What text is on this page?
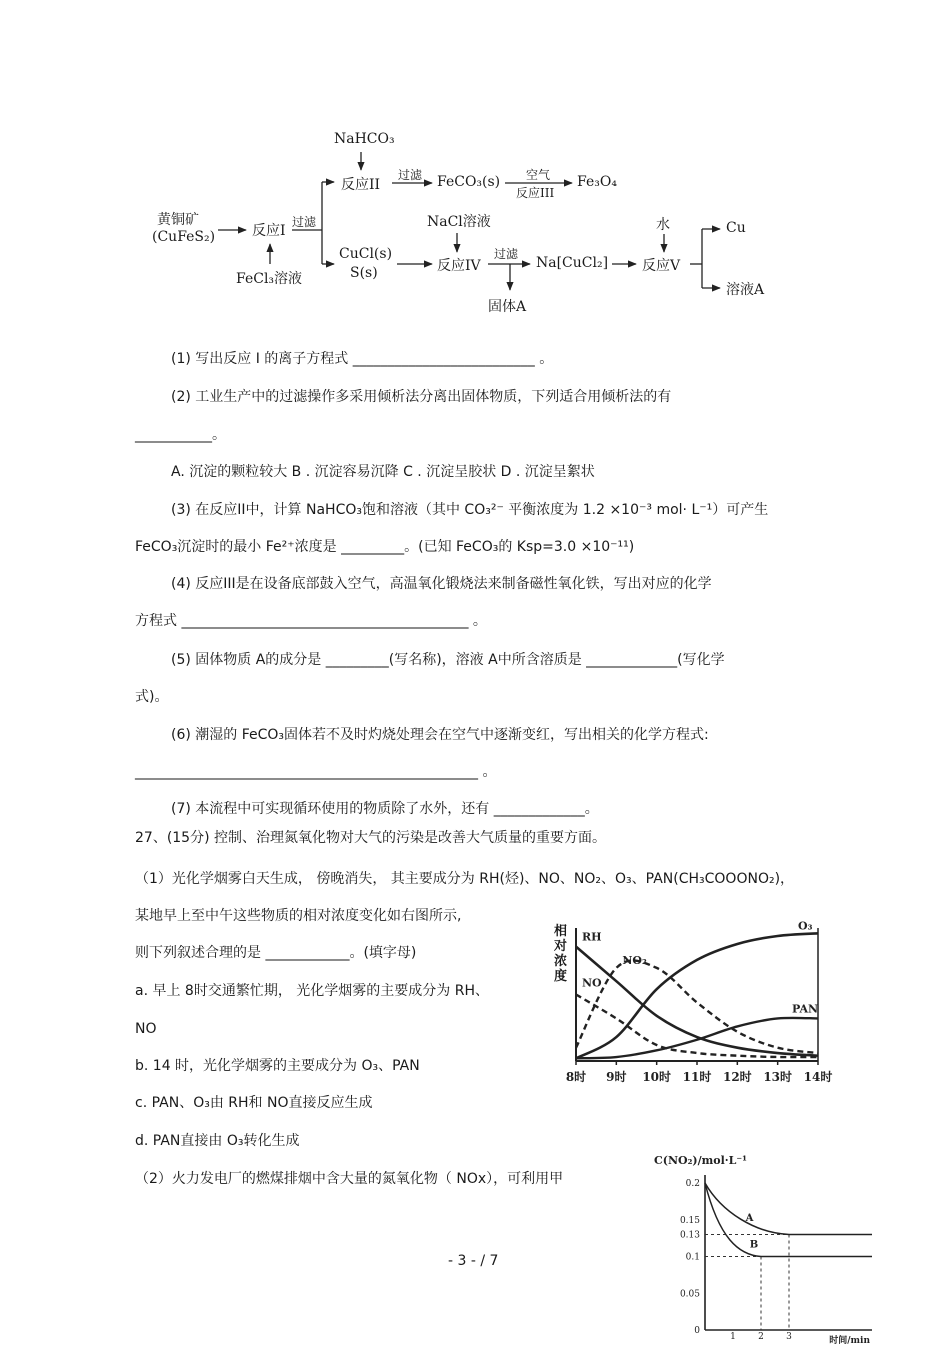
黄铜矿
(CuFeS₂)
FeCl₃溶液
反应I
过滤
NaHCO₃
反应II
过滤 FeCO₃(s) 空气
反应III
Fe₃O₄
CuCl(s)
S(s)
NaCl溶液
反应IV
过滤
Na[CuCl₂]
固体A
水
反应V
Cu
溶液A
(1) 写出反应 I 的离子方程式 __________________________ 。
(2) 工业生产中的过滤操作多采用倾析法分离出固体物质，下列适合用倾析法的有
___________。
A. 沉淀的颗粒较大 B . 沉淀容易沉降 C . 沉淀呈胶状 D . 沉淀呈絮状
(3) 在反应II中，计算 NaHCO₃饱和溶液（其中 CO₃²⁻ 平衡浓度为 1.2 ×10⁻³ mol· L⁻¹）可产生
FeCO₃沉淀时的最小 Fe²⁺浓度是 _________。(已知 FeCO₃的 Ksp=3.0 ×10⁻¹¹)
(4) 反应III是在设备底部鼓入空气，高温氧化锻烧法来制备磁性氧化铁，写出对应的化学
方程式 _________________________________________ 。
(5) 固体物质 A的成分是 _________(写名称)，溶液 A中所含溶质是 _____________(写化学
式)。
(6) 潮湿的 FeCO₃固体若不及时灼烧处理会在空气中逐渐变红，写出相关的化学方程式:
_________________________________________________ 。
(7) 本流程中可实现循环使用的物质除了水外，还有 _____________。
27、(15分) 控制、治理氮氧化物对大气的污染是改善大气质量的重要方面。
（1）光化学烟雾白天生成， 傍晚消失， 其主要成分为 RH(烃)、NO、NO₂、O₃、PAN(CH₃COOONO₂)，
某地早上至中午这些物质的相对浓度变化如右图所示,
则下列叙述合理的是 ____________。(填字母)
a. 早上 8时交通繁忙期， 光化学烟雾的主要成分为 RH、
NO
b. 14 时，光化学烟雾的主要成分为 O₃、PAN
c. PAN、O₃由 RH和 NO直接反应生成
d. PAN直接由 O₃转化生成
（2）火力发电厂的燃煤排烟中含大量的氮氧化物（ NOx），可利用甲
8时 9时 10时 11时 12时 13时 14时
RH
NO₂
NO
O₃
PAN
相对浓度
C(NO₂)/mol·L⁻¹
0.2
0.15
0.13
0.1
0.05
0
1 2 3	时间/min
A
B
- 3 - / 7
